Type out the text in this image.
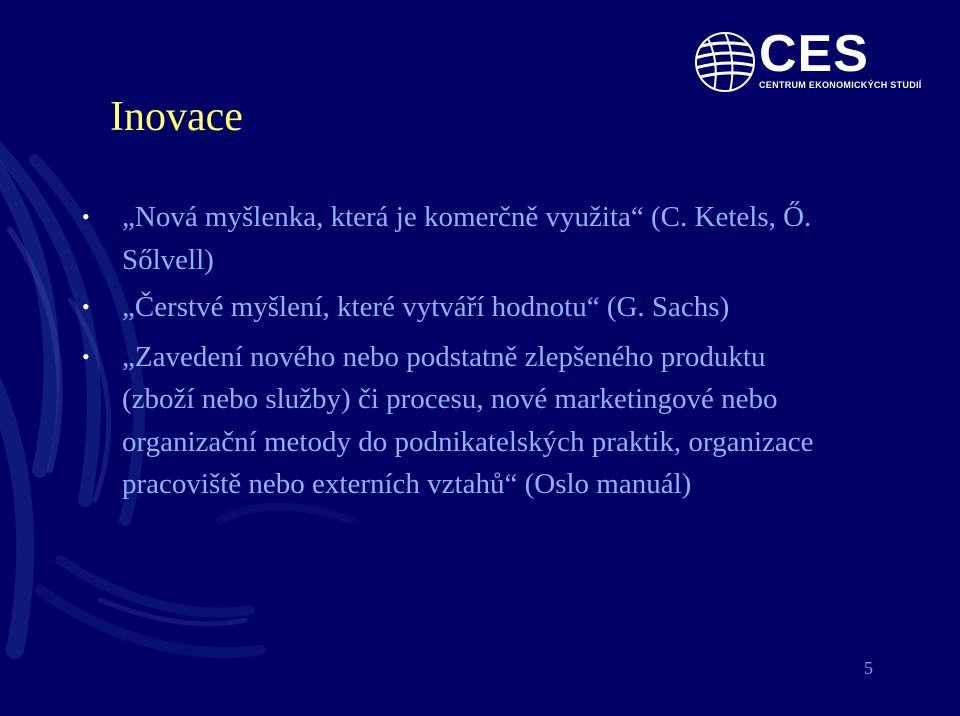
CES
CENTRUM EKONOMICKÝCH STUDIÍ
Inovace
• „Nová myšlenka, která je komerčně využita“ (C. Ketels, Ő. Sőlvell)
• „Čerstvé myšlení, které vytváří hodnotu“ (G. Sachs)
• „Zavedení nového nebo podstatně zlepšeného produktu (zboží nebo služby) či procesu, nové marketingové nebo organizační metody do podnikatelských praktik, organizace pracoviště nebo externích vztahů“ (Oslo manuál)
5
